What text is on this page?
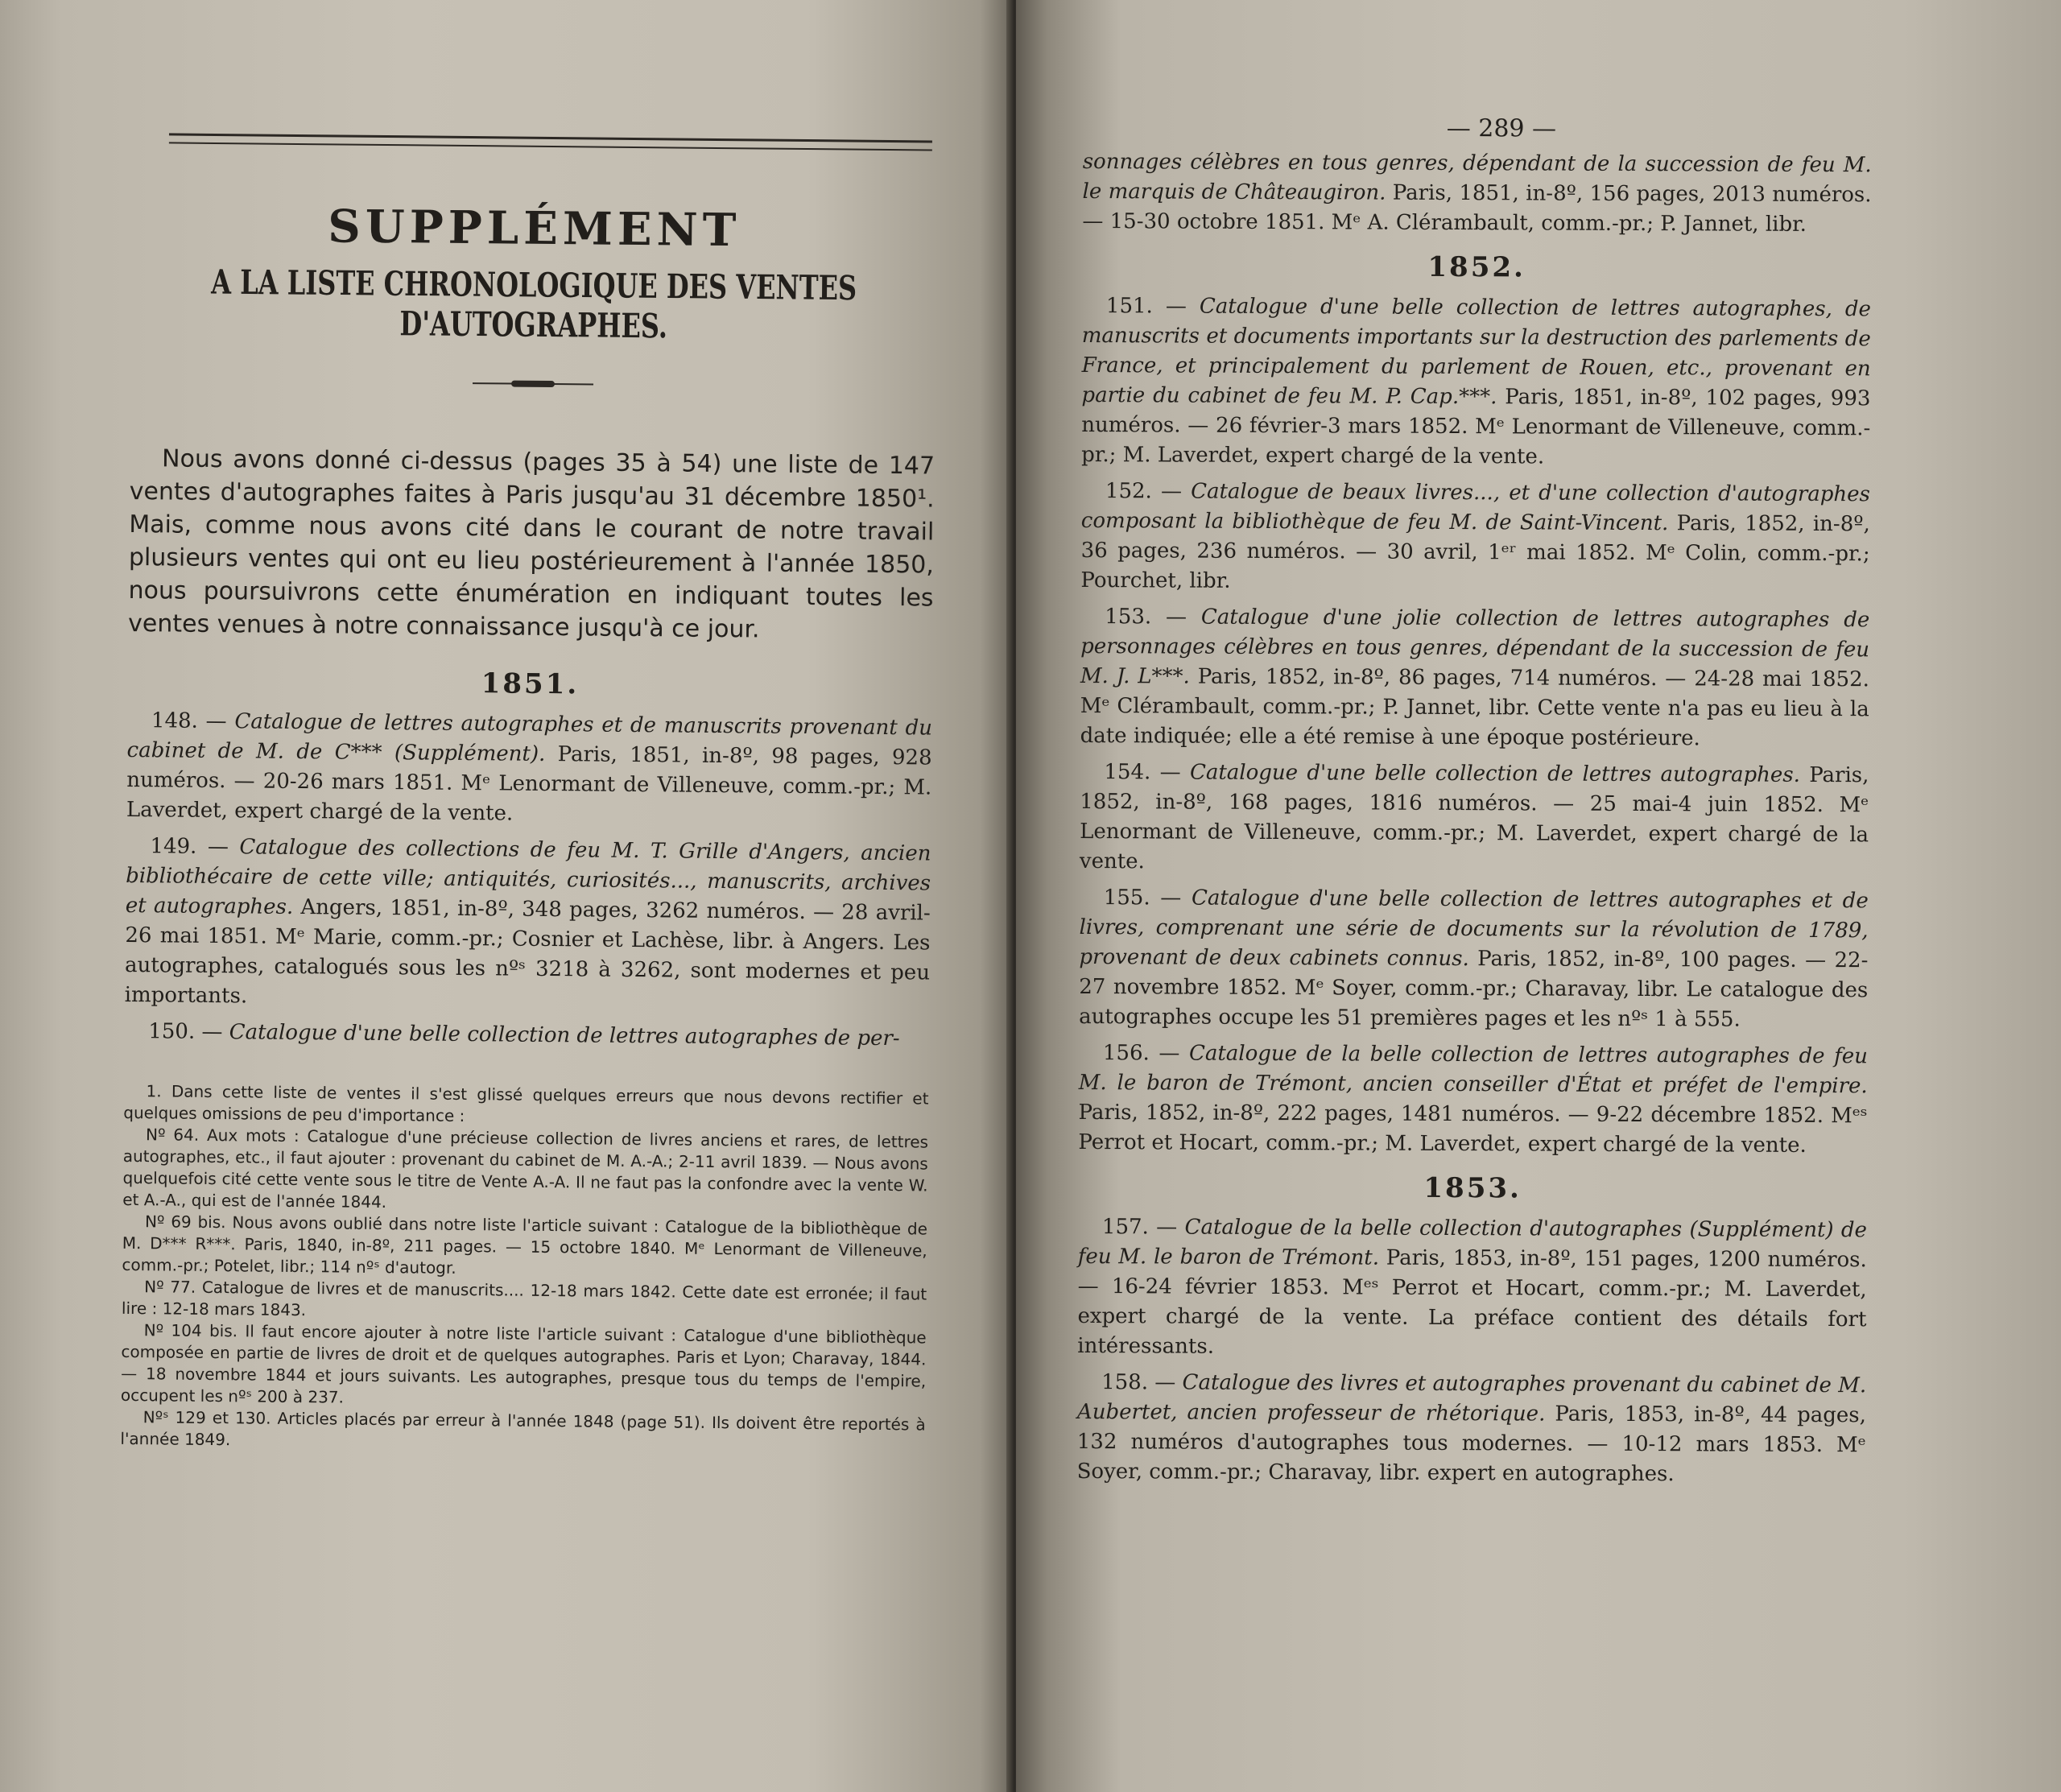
SUPPLÉMENT
A LA LISTE CHRONOLOGIQUE DES VENTES D'AUTOGRAPHES.

Nous avons donné ci-dessus (pages 35 à 54) une liste de 147 ventes d'autographes faites à Paris jusqu'au 31 décembre 1850¹. Mais, comme nous avons cité dans le courant de notre travail plusieurs ventes qui ont eu lieu postérieurement à l'année 1850, nous poursuivrons cette énumération en indiquant toutes les ventes venues à notre connaissance jusqu'à ce jour.

1851.

148. — Catalogue de lettres autographes et de manuscrits provenant du cabinet de M. de C*** (Supplément). Paris, 1851, in-8º, 98 pages, 928 numéros. — 20-26 mars 1851. Mᵉ Lenormant de Villeneuve, comm.-pr.; M. Laverdet, expert chargé de la vente.

149. — Catalogue des collections de feu M. T. Grille d'Angers, ancien bibliothécaire de cette ville; antiquités, curiosités..., manuscrits, archives et autographes. Angers, 1851, in-8º, 348 pages, 3262 numéros. — 28 avril-26 mai 1851. Mᵉ Marie, comm.-pr.; Cosnier et Lachèse, libr. à Angers. Les autographes, catalogués sous les nºˢ 3218 à 3262, sont modernes et peu importants.

150. — Catalogue d'une belle collection de lettres autographes de per-

1. Dans cette liste de ventes il s'est glissé quelques erreurs que nous devons rectifier et quelques omissions de peu d'importance :

Nº 64. Aux mots : Catalogue d'une précieuse collection de livres anciens et rares, de lettres autographes, etc., il faut ajouter : provenant du cabinet de M. A.-A.; 2-11 avril 1839. — Nous avons quelquefois cité cette vente sous le titre de Vente A.-A. Il ne faut pas la confondre avec la vente W. et A.-A., qui est de l'année 1844.

Nº 69 bis. Nous avons oublié dans notre liste l'article suivant : Catalogue de la bibliothèque de M. D*** R***. Paris, 1840, in-8º, 211 pages. — 15 octobre 1840. Mᵉ Lenormant de Villeneuve, comm.-pr.; Potelet, libr.; 114 nºˢ d'autogr.

Nº 77. Catalogue de livres et de manuscrits.... 12-18 mars 1842. Cette date est erronée; il faut lire : 12-18 mars 1843.

Nº 104 bis. Il faut encore ajouter à notre liste l'article suivant : Catalogue d'une bibliothèque composée en partie de livres de droit et de quelques autographes. Paris et Lyon; Charavay, 1844. — 18 novembre 1844 et jours suivants. Les autographes, presque tous du temps de l'empire, occupent les nºˢ 200 à 237.

Nºˢ 129 et 130. Articles placés par erreur à l'année 1848 (page 51). Ils doivent être reportés à l'année 1849.

— 289 —

sonnages célèbres en tous genres, dépendant de la succession de feu M. le marquis de Châteaugiron. Paris, 1851, in-8º, 156 pages, 2013 numéros. — 15-30 octobre 1851. Mᵉ A. Clérambault, comm.-pr.; P. Jannet, libr.

1852.

151. — Catalogue d'une belle collection de lettres autographes, de manuscrits et documents importants sur la destruction des parlements de France, et principalement du parlement de Rouen, etc., provenant en partie du cabinet de feu M. P. Cap.***. Paris, 1851, in-8º, 102 pages, 993 numéros. — 26 février-3 mars 1852. Mᵉ Lenormant de Villeneuve, comm.-pr.; M. Laverdet, expert chargé de la vente.

152. — Catalogue de beaux livres..., et d'une collection d'autographes composant la bibliothèque de feu M. de Saint-Vincent. Paris, 1852, in-8º, 36 pages, 236 numéros. — 30 avril, 1ᵉʳ mai 1852. Mᵉ Colin, comm.-pr.; Pourchet, libr.

153. — Catalogue d'une jolie collection de lettres autographes de personnages célèbres en tous genres, dépendant de la succession de feu M. J. L***. Paris, 1852, in-8º, 86 pages, 714 numéros. — 24-28 mai 1852. Mᵉ Clérambault, comm.-pr.; P. Jannet, libr. Cette vente n'a pas eu lieu à la date indiquée; elle a été remise à une époque postérieure.

154. — Catalogue d'une belle collection de lettres autographes. Paris, 1852, in-8º, 168 pages, 1816 numéros. — 25 mai-4 juin 1852. Mᵉ Lenormant de Villeneuve, comm.-pr.; M. Laverdet, expert chargé de la vente.

155. — Catalogue d'une belle collection de lettres autographes et de livres, comprenant une série de documents sur la révolution de 1789, provenant de deux cabinets connus. Paris, 1852, in-8º, 100 pages. — 22-27 novembre 1852. Mᵉ Soyer, comm.-pr.; Charavay, libr. Le catalogue des autographes occupe les 51 premières pages et les nºˢ 1 à 555.

156. — Catalogue de la belle collection de lettres autographes de feu M. le baron de Trémont, ancien conseiller d'État et préfet de l'empire. Paris, 1852, in-8º, 222 pages, 1481 numéros. — 9-22 décembre 1852. Mᵉˢ Perrot et Hocart, comm.-pr.; M. Laverdet, expert chargé de la vente.

1853.

157. — Catalogue de la belle collection d'autographes (Supplément) de feu M. le baron de Trémont. Paris, 1853, in-8º, 151 pages, 1200 numéros. — 16-24 février 1853. Mᵉˢ Perrot et Hocart, comm.-pr.; M. Laverdet, expert chargé de la vente. La préface contient des détails fort intéressants.

158. — Catalogue des livres et autographes provenant du cabinet de M. Aubertet, ancien professeur de rhétorique. Paris, 1853, in-8º, 44 pages, 132 numéros d'autographes tous modernes. — 10-12 mars 1853. Mᵉ Soyer, comm.-pr.; Charavay, libr. expert en autographes.
